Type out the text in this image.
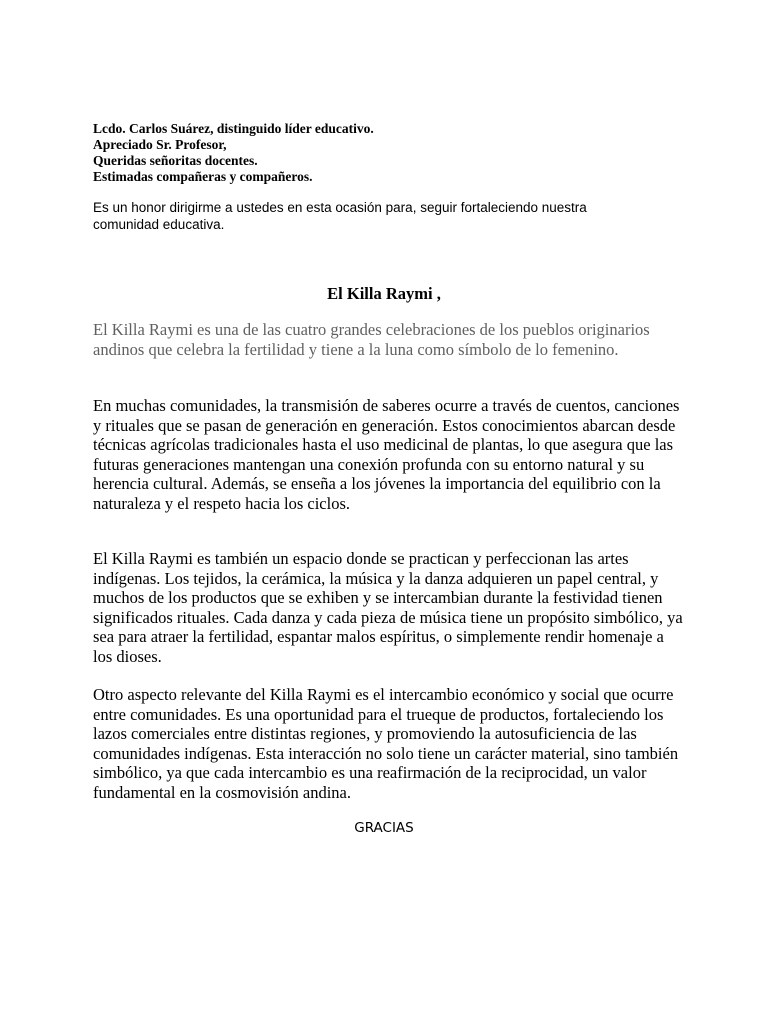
Lcdo. Carlos Suárez, distinguido líder educativo.
Apreciado Sr. Profesor,
Queridas señoritas docentes.
Estimadas compañeras y compañeros.
Es un honor dirigirme a ustedes en esta ocasión para, seguir fortaleciendo nuestra comunidad educativa.
El Killa Raymi ,

El Killa Raymi es una de las cuatro grandes celebraciones de los pueblos originarios andinos que celebra la fertilidad y tiene a la luna como símbolo de lo femenino.

En muchas comunidades, la transmisión de saberes ocurre a través de cuentos, canciones y rituales que se pasan de generación en generación. Estos conocimientos abarcan desde técnicas agrícolas tradicionales hasta el uso medicinal de plantas, lo que asegura que las futuras generaciones mantengan una conexión profunda con su entorno natural y su herencia cultural. Además, se enseña a los jóvenes la importancia del equilibrio con la naturaleza y el respeto hacia los ciclos.

El Killa Raymi es también un espacio donde se practican y perfeccionan las artes indígenas. Los tejidos, la cerámica, la música y la danza adquieren un papel central, y muchos de los productos que se exhiben y se intercambian durante la festividad tienen significados rituales. Cada danza y cada pieza de música tiene un propósito simbólico, ya sea para atraer la fertilidad, espantar malos espíritus, o simplemente rendir homenaje a los dioses.

Otro aspecto relevante del Killa Raymi es el intercambio económico y social que ocurre entre comunidades. Es una oportunidad para el trueque de productos, fortaleciendo los lazos comerciales entre distintas regiones, y promoviendo la autosuficiencia de las comunidades indígenas. Esta interacción no solo tiene un carácter material, sino también simbólico, ya que cada intercambio es una reafirmación de la reciprocidad, un valor fundamental en la cosmovisión andina.

GRACIAS
